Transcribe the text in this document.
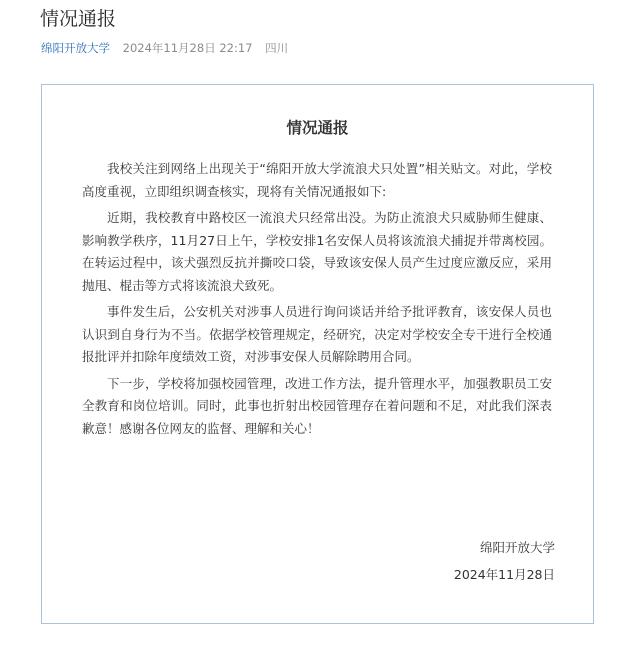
情况通报
绵阳开放大学 2024年11月28日 22:17 四川
情况通报

我校关注到网络上出现关于“绵阳开放大学流浪犬只处置”相关贴文。对此，学校高度重视，立即组织调查核实，现将有关情况通报如下:

近期，我校教育中路校区一流浪犬只经常出没。为防止流浪犬只威胁师生健康、影响教学秩序，11月27日上午，学校安排1名安保人员将该流浪犬捕捉并带离校园。在转运过程中，该犬强烈反抗并撕咬口袋，导致该安保人员产生过度应激反应，采用抛甩、棍击等方式将该流浪犬致死。

事件发生后，公安机关对涉事人员进行询问谈话并给予批评教育，该安保人员也认识到自身行为不当。依据学校管理规定，经研究，决定对学校安全专干进行全校通报批评并扣除年度绩效工资，对涉事安保人员解除聘用合同。

下一步，学校将加强校园管理，改进工作方法，提升管理水平，加强教职员工安全教育和岗位培训。同时，此事也折射出校园管理存在着问题和不足，对此我们深表歉意！感谢各位网友的监督、理解和关心！

绵阳开放大学
2024年11月28日
